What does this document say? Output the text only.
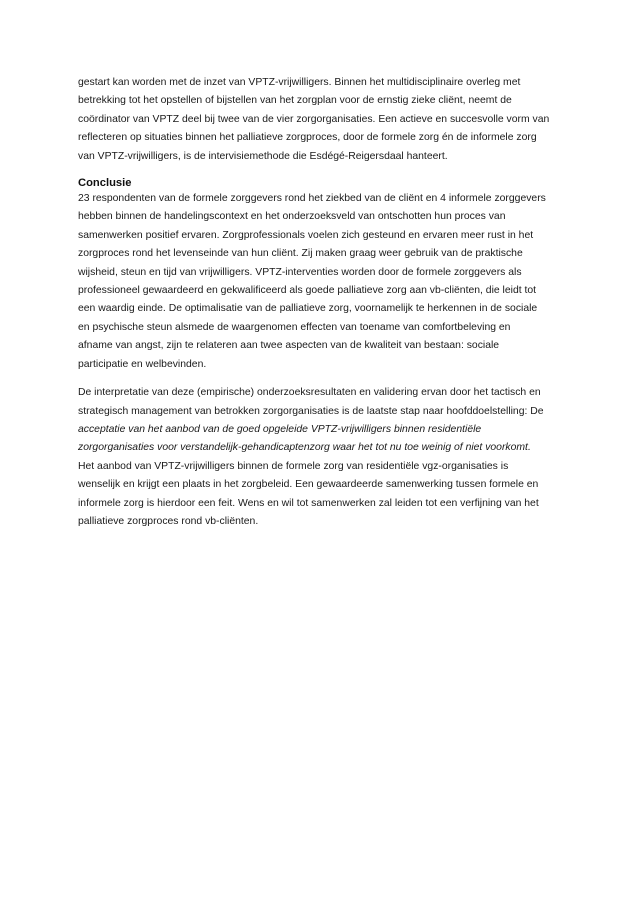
gestart kan worden met de inzet van VPTZ-vrijwilligers. Binnen het multidisciplinaire overleg met
betrekking tot het opstellen of bijstellen van het zorgplan voor de ernstig zieke cliënt, neemt de
coördinator van VPTZ deel bij twee van de vier zorgorganisaties. Een actieve en succesvolle vorm van
reflecteren op situaties binnen het palliatieve zorgproces, door de formele zorg én de informele zorg
van VPTZ-vrijwilligers, is de intervisiemethode die Esdégé-Reigersdaal hanteert.

Conclusie

23 respondenten van de formele zorggevers rond het ziekbed van de cliënt en 4 informele zorggevers
hebben binnen de handelingscontext en het onderzoeksveld van ontschotten hun proces van
samenwerken positief ervaren. Zorgprofessionals voelen zich gesteund en ervaren meer rust in het
zorgproces rond het levenseinde van hun cliënt. Zij maken graag weer gebruik van de praktische
wijsheid, steun en tijd van vrijwilligers. VPTZ-interventies worden door de formele zorggevers als
professioneel gewaardeerd en gekwalificeerd als goede palliatieve zorg aan vb-cliënten, die leidt tot
een waardig einde. De optimalisatie van de palliatieve zorg, voornamelijk te herkennen in de sociale
en psychische steun alsmede de waargenomen effecten van toename van comfortbeleving en
afname van angst, zijn te relateren aan twee aspecten van de kwaliteit van bestaan: sociale
participatie en welbevinden.

De interpretatie van deze (empirische) onderzoeksresultaten en validering ervan door het tactisch en
strategisch management van betrokken zorgorganisaties is de laatste stap naar hoofddoelstelling: De
acceptatie van het aanbod van de goed opgeleide VPTZ-vrijwilligers binnen residentiële
zorgorganisaties voor verstandelijk-gehandicaptenzorg waar het tot nu toe weinig of niet voorkomt.
Het aanbod van VPTZ-vrijwilligers binnen de formele zorg van residentiële vgz-organisaties is
wenselijk en krijgt een plaats in het zorgbeleid. Een gewaardeerde samenwerking tussen formele en
informele zorg is hierdoor een feit. Wens en wil tot samenwerken zal leiden tot een verfijning van het
palliatieve zorgproces rond vb-cliënten.
